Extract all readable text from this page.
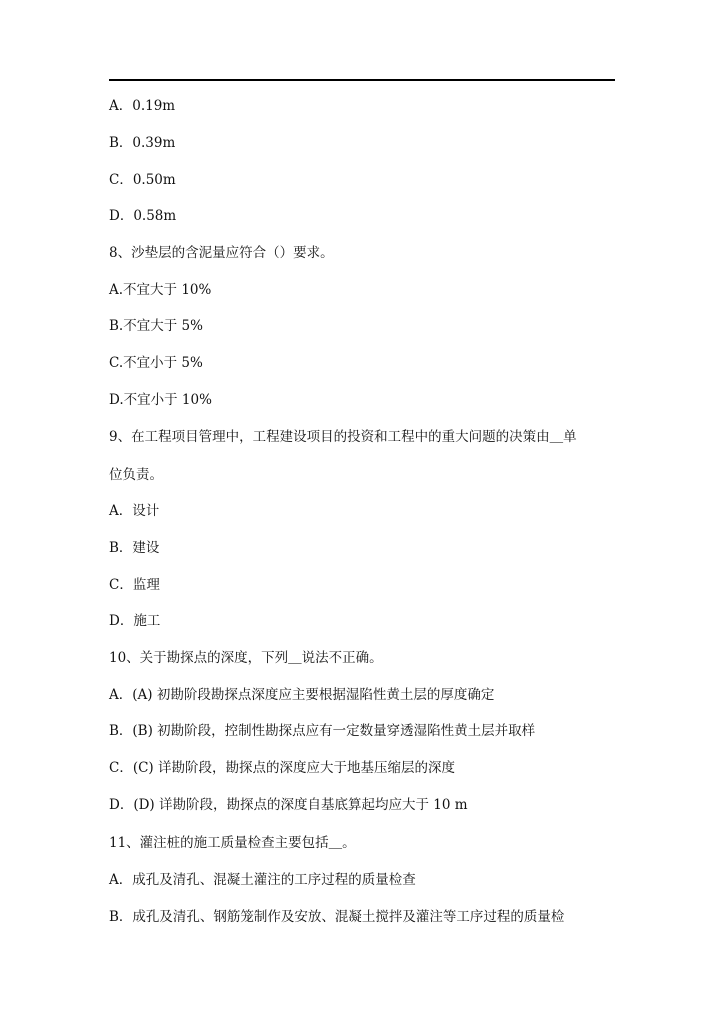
A．0.19m
B．0.39m
C．0.50m
D．0.58m
8、沙垫层的含泥量应符合（）要求。
A.不宜大于 10%
B.不宜大于 5%
C.不宜小于 5%
D.不宜小于 10%
9、在工程项目管理中，工程建设项目的投资和工程中的重大问题的决策由＿单
位负责。
A．设计
B．建设
C．监理
D．施工
10、关于勘探点的深度，下列＿说法不正确。
A．(A) 初勘阶段勘探点深度应主要根据湿陷性黄土层的厚度确定
B．(B) 初勘阶段，控制性勘探点应有一定数量穿透湿陷性黄土层并取样
C．(C) 详勘阶段，勘探点的深度应大于地基压缩层的深度
D．(D) 详勘阶段，勘探点的深度自基底算起均应大于 10 m
11、灌注桩的施工质量检查主要包括＿。
A．成孔及清孔、混凝土灌注的工序过程的质量检查
B．成孔及清孔、钢筋笼制作及安放、混凝土搅拌及灌注等工序过程的质量检
